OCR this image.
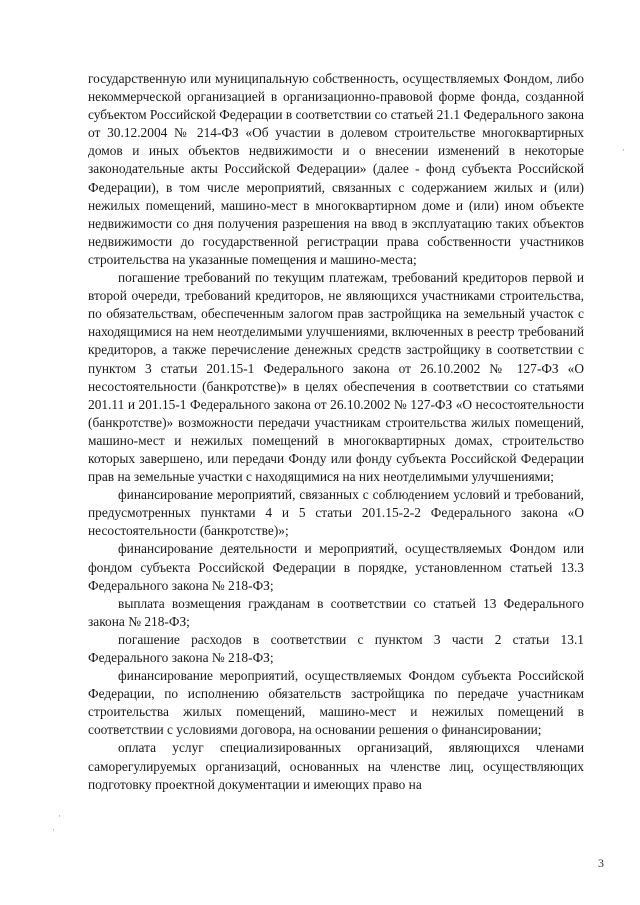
государственную или муниципальную собственность, осуществляемых Фондом, либо некоммерческой организацией в организационно-правовой форме фонда, созданной субъектом Российской Федерации в соответствии со статьей 21.1 Федерального закона от 30.12.2004 № 214-ФЗ «Об участии в долевом строительстве многоквартирных домов и иных объектов недвижимости и о внесении изменений в некоторые законодательные акты Российской Федерации» (далее - фонд субъекта Российской Федерации), в том числе мероприятий, связанных с содержанием жилых и (или) нежилых помещений, машино-мест в многоквартирном доме и (или) ином объекте недвижимости со дня получения разрешения на ввод в эксплуатацию таких объектов недвижимости до государственной регистрации права собственности участников строительства на указанные помещения и машино-места;

погашение требований по текущим платежам, требований кредиторов первой и второй очереди, требований кредиторов, не являющихся участниками строительства, по обязательствам, обеспеченным залогом прав застройщика на земельный участок с находящимися на нем неотделимыми улучшениями, включенных в реестр требований кредиторов, а также перечисление денежных средств застройщику в соответствии с пунктом 3 статьи 201.15-1 Федерального закона от 26.10.2002 № 127-ФЗ «О несостоятельности (банкротстве)» в целях обеспечения в соответствии со статьями 201.11 и 201.15-1 Федерального закона от 26.10.2002 № 127-ФЗ «О несостоятельности (банкротстве)» возможности передачи участникам строительства жилых помещений, машино-мест и нежилых помещений в многоквартирных домах, строительство которых завершено, или передачи Фонду или фонду субъекта Российской Федерации прав на земельные участки с находящимися на них неотделимыми улучшениями;

финансирование мероприятий, связанных с соблюдением условий и требований, предусмотренных пунктами 4 и 5 статьи 201.15-2-2 Федерального закона «О несостоятельности (банкротстве)»;

финансирование деятельности и мероприятий, осуществляемых Фондом или фондом субъекта Российской Федерации в порядке, установленном статьей 13.3 Федерального закона № 218-ФЗ;

выплата возмещения гражданам в соответствии со статьей 13 Федерального закона № 218-ФЗ;

погашение расходов в соответствии с пунктом 3 части 2 статьи 13.1 Федерального закона № 218-ФЗ;

финансирование мероприятий, осуществляемых Фондом субъекта Российской Федерации, по исполнению обязательств застройщика по передаче участникам строительства жилых помещений, машино-мест и нежилых помещений в соответствии с условиями договора, на основании решения о финансировании;

оплата услуг специализированных организаций, являющихся членами саморегулируемых организаций, основанных на членстве лиц, осуществляющих подготовку проектной документации и имеющих право на

·
·
·
3
